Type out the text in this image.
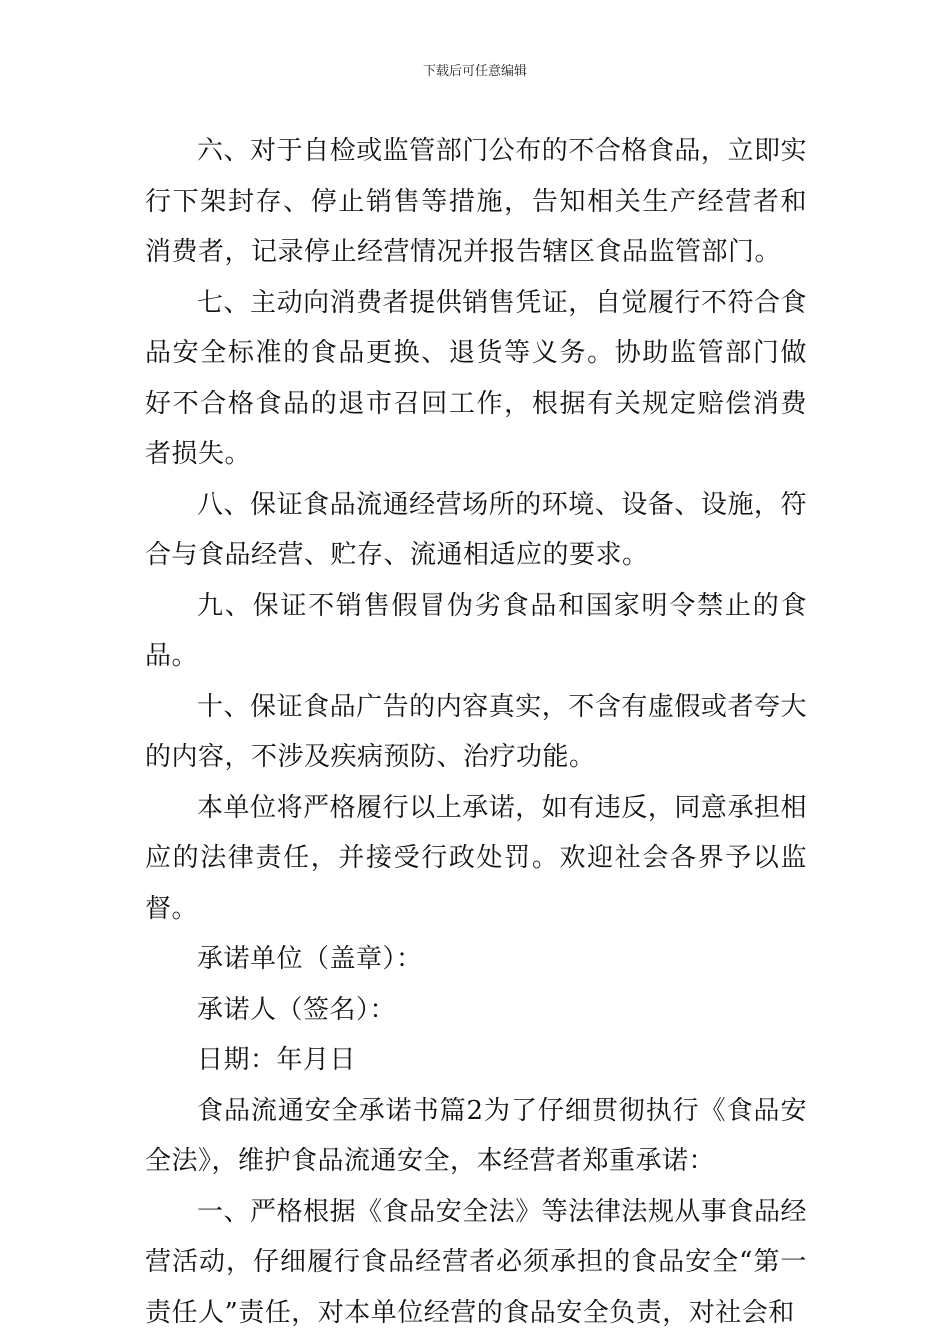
下载后可任意编辑

六、对于自检或监管部门公布的不合格食品，立即实行下架封存、停止销售等措施，告知相关生产经营者和消费者，记录停止经营情况并报告辖区食品监管部门。

七、主动向消费者提供销售凭证，自觉履行不符合食品安全标准的食品更换、退货等义务。协助监管部门做好不合格食品的退市召回工作，根据有关规定赔偿消费者损失。

八、保证食品流通经营场所的环境、设备、设施，符合与食品经营、贮存、流通相适应的要求。

九、保证不销售假冒伪劣食品和国家明令禁止的食品。

十、保证食品广告的内容真实，不含有虚假或者夸大的内容，不涉及疾病预防、治疗功能。

本单位将严格履行以上承诺，如有违反，同意承担相应的法律责任，并接受行政处罚。欢迎社会各界予以监督。

承诺单位（盖章）：

承诺人（签名）：

日期：年月日

食品流通安全承诺书篇2为了仔细贯彻执行《食品安全法》，维护食品流通安全，本经营者郑重承诺：

一、严格根据《食品安全法》等法律法规从事食品经营活动，仔细履行食品经营者必须承担的食品安全“第一责任人”责任，对本单位经营的食品安全负责，对社会和
